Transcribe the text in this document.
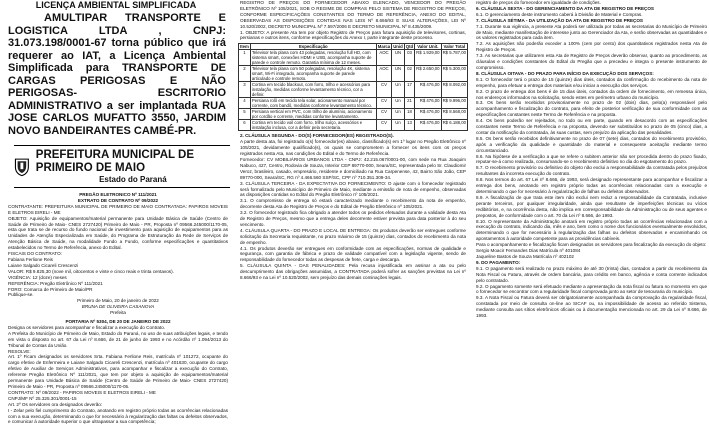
LICENÇA AMBIENTAL SIMPLIFICADA

AMULTIPAR TRANSPORTE E LOGISTICA LTDA , CNPJ: 31.073.198/0001-67 torna público que irá requerer ao IAT, a Licença Ambiental Simplificada para TRANSPORTE DE CARGAS PERIGOSAS E NÃO PERIGOSAS- ESCRITORIO ADMINISTRATIVO a ser implantada RUA JOSE CARLOS MUFATTO 3550, JARDIM NOVO BANDEIRANTES CAMBÉ-PR.

PREFEITURA MUNICIPAL DE PRIMEIRO DE MAIO
Estado do Paraná

PREGÃO ELETRONICO Nº 111/2021

EXTRATO DE CONTRATO Nº 09/2022

CONTRATANTE: PREFEITURA MUNICIPAL DE PRIMEIRO DE MAIO CONTRATADA: PAPIROS MOVEIS E ELETROS EIRELI - ME

OBJETO: Aquisição de equipamentos/material permanente para Unidade Básica de Saúde (Centro de Saúde de Primeiro de Maio- CNES 2727420) Primeiro de Maio - PR, Proposta nº 09566.245000/1170-05, esta que trata se de recurso do fundo nacional de investimento para aquisição de equipamentos para as Unidades de Atenção Especializada em Saúde, do Programa de Estruturação da Rede de Serviços de Atenção Básica de Saúde, na modalidade Fundo a Fundo, conforme especificações e quantitativos estabelecidos no Termo de Referência, anexo do Edital.

FISCAIS DO CONTRATO:

Fabiana Ferlione Reis

Laiane Salgado Cicareli Crescenzi

VALOR: R$ 9.825,30 (nove mil, oitocentos e vinte e cinco reais e trinta centavos).

VIGÊNCIA: 12 (doze) meses

REFERÊNCIA: Pregão Eletrônico Nº 111/2021

FORO: Comarca de Primeiro de Maio/PR

Publique-se.

Primeiro de Maio, 20 de janeiro de 2022

BRUNA DE OLIVEIRA CASANOVA

Prefeita

PORTARIA Nº 5304, DE 20 DE JANEIRO DE 2022

Designa os servidores para acompanhar e fiscalizar a execução do Contrato.

A Prefeita do Município de Primeiro de Maio, Estado do Paraná, no uso de suas atribuições legais, e tendo em vista o disposto no art. 67 da Lei nº 8.666, de 21 de junho de 1993 e no Acórdão nº 1.094/2013 do Tribunal de Contas da União.

RESOLVE:

Art. 1º Ficam designados os servidores Srta. Fabiana Ferlione Reis, matrícula nº 101272, ocupante do cargo efetivo de Enfermeira e Laiane Salgado Cicareli Crescenzi, matrícula nº 401630, ocupante do cargo efetivo de Auxiliar de Serviços Administrativos, para acompanhar e fiscalizar a execução do Contrato, referente Pregão Eletrônico Nº 111/2021, que tem por objeto a aquisição de equipamentos/material permanente para Unidade Básica de Saúde (Centro de Saúde de Primeiro de Maio- CNES 2727420) Primeiro de Maio - PR, Proposta nº 09566.245000/1170-05.

CONTRATO: Nº 09/2022 - PAPIROS MOVEIS E ELETROS EIRELI - ME

CNPJ/MF Nº 25.325.301/0001-15

Art. 2º Os servidores ora designados deverão:

I - Zelar pelo fiel cumprimento do Contrato, anotando em registro próprio todas as ocorrências relacionadas com a sua execução, determinando o que for necessário à regularização das faltas ou defeitos observados, e comunicar à autoridade superior o que ultrapassar a sua competência;

REGISTRO DE PREÇOS DO FORNECEDOR ABAIXO ELENCADO, VENCEDOR DO PREGÃO ELETRÔNICO Nº 105/2021, SOB O REGIME DE COMPRAS PELO SISTEMA DE REGISTRO DE PREÇOS, CONFORME ESPECIFICAÇÕES CONSTANTES DO TERMO DE REFERÊNCIA, ANEXO DO EDITAL, OBSERVADAS AS DISPOSIÇÕES CONTIDAS NAS LEIS Nº 8.666/93 E SUAS ALTERAÇÕES, LEI Nº 10.520/2002, DECRETO MUNICIPAL Nº 7.597/2006 E DECRETO MUNICIPAL Nº 8.435/2009.

1. OBJETO: A presente Ata tem por objeto Registro de Preços para futura aquisição de televisores, cortinas, persianas e outros itens, conforme especificações do Anexo I, parte integrante deste processo.

Item	Especificação	Marca	Unid	Qtd	Valor Unit.	Valor Total
1	Televisor tela plana com 43 polegadas, resolução full HD, com sistema smart, conexões HDMI e USB, acompanha suporte de parede e controle remoto. Garantia mínima de 12 meses.	AOC	UN	03	R$ 1.929,00	R$ 5.787,00
2	Televisor tela plana com 50 polegadas, resolução 4K, sistema smart, Wi-Fi integrado, acompanha suporte de parede articulado e controle remoto.	AOC	UN	02	R$ 2.650,00	R$ 5.300,00
3	Cortina em tecido blackout, com forro, trilho e acessórios para instalação, medidas conforme levantamento técnico, cor a definir.	CV	Un	17	R$ 476,00	R$ 8.092,00
4	Persiana rolô em tecido tela solar, acionamento manual por corrente, com bandô, medidas conforme levantamento técnico.	CV	Un	21	R$ 476,00	R$ 9.996,00
5	Persiana vertical em PVC, com trilho de alumínio, acionamento por cordão e corrente, medidas conforme levantamento.	CV	Un	18	R$ 476,00	R$ 8.568,00
6	Cortina em tecido voil com forro, trilho suíço, acessórios e instalação inclusa, cor a definir pela secretaria.	CV	Un	13	R$ 476,00	R$ 6.188,00

2. CLÁUSULA SEGUNDA - DO(S) FORNECEDOR(ES) REGISTRADO(S).

A parte desta ata, foi registrado o(s) fornecedor(es) abaixo, classificado(s) em 1º lugar no Pregão Eletrônico nº 105/2021, devidamente qualificado(s), os quais se comprometem a fornecer os itens com os preços registrados nesta Ata, nas condições do Edital e do Termo de Referência.

Fornecedor: CV MOBILIÁRIOS URBANOS LTDA - CNPJ: 42.215.067/0001-00, com sede na Rua Joaquim Nabuco, 427, Centro, Rodovia de Souza, Interior CEP 89770-000, Seara/SC, representada pelo Sr. Claudiomir Veroz, brasileiro, casado, empresário, residente e domiciliado na Rua Carpenense, 42, Bairro São João, CEP 89770-000, Seara/SC, RG nº 4.466.560 SSP/SC, CPF nº 710.351.309-34.

3. CLÁUSULA TERCEIRA - DA EXPECTATIVA DO FORNECIMENTO: O ajuste com o fornecedor registrado será formalizado pelo Município de Primeiro de Maio, mediante a emissão de nota de empenho, observadas as disposições contidas no Edital do Pregão Eletrônico nº 105/2021.

3.1. O compromisso de entrega só estará caracterizado mediante o recebimento da nota de empenho, decorrente desta Ata de Registro de Preços e do Edital de Pregão Eletrônico nº 105/2021.

3.2. O fornecedor registrado fica obrigado a atender todos os pedidos efetuados durante a validade desta Ata de Registro de Preços, mesmo que a entrega deles decorrente estiver prevista para data posterior à do seu vencimento.

4. CLÁUSULA QUARTA - DO PRAZO E LOCAL DE ENTREGA: Os produtos deverão ser entregues conforme solicitação da Secretaria requisitante, no prazo máximo de 15 (quinze) dias, contados do recebimento da nota de empenho.

4.1. Os produtos deverão ser entregues em conformidade com as especificações, normas de qualidade e segurança, com garantia de fábrica e prazo de validade compatível com a legislação vigente, sendo de responsabilidade do fornecedor todas as despesas de frete, carga e descarga.

5. CLÁUSULA QUINTA - DAS PENALIDADES: Pela recusa injustificada em assinar a ata ou pelo descumprimento das obrigações assumidas, a CONTRATADA poderá sofrer as sanções previstas na Lei nº 8.666/93 e na Lei nº 10.520/2002, sem prejuízo das demais cominações legais.

registro de preços do fornecedor em igualdade de condições.

6. CLÁUSULA SEXTA - DO GERENCIAMENTO DA ATA DE REGISTRO DE PREÇOS

6.1. O gerenciamento deste instrumento caberá à Divisão de Material e Compras.

7. CLÁUSULA SÉTIMA - DA UTILIZAÇÃO DA ATA DE REGISTRO DE PREÇOS

7.1. Durante sua vigência, a presente Ata poderá ser utilizada por todas as secretarias do Município de Primeiro de Maio, mediante manifestação de interesse junto ao Gerenciador da Ata, e serão observadas as quantidades e os valores registrados para cada item.

7.2. As aquisições não poderão exceder a 100% (cem por cento) dos quantitativos registrados nesta Ata de Registro de Preços.

7.3. As secretarias que utilizarem esta Ata de Registro de Preços deverão observar, quanto ao procedimento, as cláusulas e condições constantes do Edital do Pregão que a precedeu e integra o presente instrumento de compromisso.

8. CLÁUSULA OITAVA - DO PRAZO PARA INÍCIO DA EXECUÇÃO DOS SERVIÇOS:

8.1. O fornecedor terá o prazo de 15 (quinze) dias úteis, contados da confirmação do recebimento da nota de empenho, para efetuar a entrega dos materiais e/ou iniciar a execução dos serviços.

8.2. O prazo de entrega dos bens é de 15 dias úteis, contados da ordem de fornecimento, em remessa única, nos endereços informados na solicitação, sendo estes em perímetro urbano do município.

8.3. Os bens serão recebidos provisoriamente no prazo de 02 (dois) dias, pelo(a) responsável pelo acompanhamento e fiscalização do contrato, para efeito de posterior verificação de sua conformidade com as especificações constantes neste Termo de Referência e na proposta.

8.4. Os bens poderão ser rejeitados, no todo ou em parte, quando em desacordo com as especificações constantes neste Termo de Referência e na proposta, devendo ser substituídos no prazo de 05 (cinco) dias, a contar da notificação da contratada, às suas custas, sem prejuízo da aplicação das penalidades.

8.5. Os bens serão recebidos definitivamente no prazo de 07 (sete) dias, contados do recebimento provisório, após a verificação da qualidade e quantidade do material e consequente aceitação mediante termo circunstanciado.

8.6. Na hipótese de a verificação a que se refere o subitem anterior não ser procedida dentro do prazo fixado, reputar-se-á como realizada, consumando-se o recebimento definitivo no dia do esgotamento do prazo.

8.7. O recebimento provisório ou definitivo do objeto não exclui a responsabilidade da contratada pelos prejuízos resultantes da incorreta execução do contrato.

8.8. Nos termos do art. 67 Lei nº 8.666, de 1993, será designado representante para acompanhar e fiscalizar a entrega dos bens, anotando em registro próprio todas as ocorrências relacionadas com a execução e determinando o que for necessário à regularização de falhas ou defeitos observados.

8.9. A fiscalização de que trata este item não exclui nem reduz a responsabilidade da Contratada, inclusive perante terceiros, por qualquer irregularidade, ainda que resultante de imperfeições técnicas ou vícios redibitórios, e, na ocorrência desta, não implica em corresponsabilidade da Administração ou de seus agentes e prepostos, de conformidade com o art. 70 da Lei nº 8.666, de 1993.

8.10. O representante da Administração anotará em registro próprio todas as ocorrências relacionadas com a execução do contrato, indicando dia, mês e ano, bem como o nome dos funcionários eventualmente envolvidos, determinando o que for necessário à regularização das falhas ou defeitos observados e encaminhando os apontamentos à autoridade competente para as providências cabíveis.

Para o acompanhamento e fiscalização ficam designados os servidores para fiscalização da execução do objeto:

Sergio Moacir Fernandes Dias Matrícula nº 401084

Jaqueline Bastos de Souza Matrícula nº 402102

9. DO PAGAMENTO:

9.1. O pagamento será realizado no prazo máximo de até 30 (trinta) dias, contados a partir do recebimento da Nota Fiscal ou Fatura, através de ordem bancária, para crédito em banco, agência e conta corrente indicados pelo contratado.

9.2. O pagamento somente será efetuado mediante a apresentação da nota fiscal ou fatura no momento em que o fornecedor se encontrar com a regularidade fiscal comprovada junto ao setor de tesouraria do município.

9.3. A Nota Fiscal ou Fatura deverá ser obrigatoriamente acompanhada da comprovação da regularidade fiscal, constatada por meio de consulta on-line ao SICAF ou, na impossibilidade de acesso ao referido Sistema, mediante consulta aos sítios eletrônicos oficiais ou à documentação mencionada no art. 29 da Lei nº 8.666, de 1993.
